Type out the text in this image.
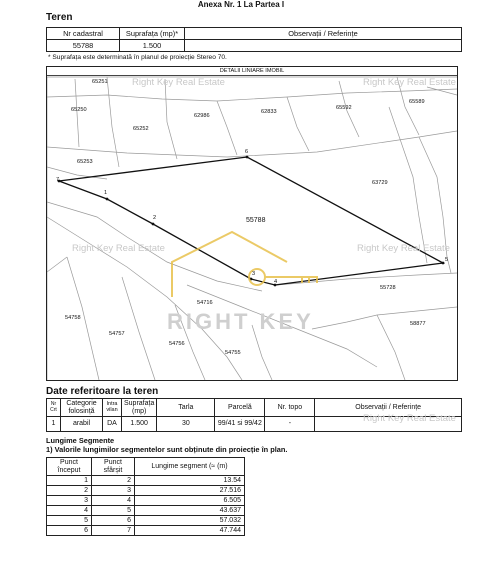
Anexa Nr. 1 La Partea I
Teren
Nr cadastral	Suprafața (mp)*	Observații / Referințe
55788	1.500	
* Suprafața este determinată în planul de proiecție Stereo 70.
DETALII LINIARE IMOBIL
65251
65250
65252
62986
62833
65592
65589
65253
63729
54716
55728
54758
54757
54756
54755
58877
55788
1
2
3
4
5
6
7
Right Key Real Estate	Right Key Real Estate
Right Key Real Estate	Right Key Real Estate
RIGHT KEY
Date referitoare la teren
Nr Crt	Categorie folosință	Intra vilan	Suprafața (mp)	Tarla	Parcelă	Nr. topo	Observații / Referințe
1	arabil	DA	1.500	30	99/41 si 99/42	-	
Lungime Segmente
1) Valorile lungimilor segmentelor sunt obținute din proiecție în plan.
Punct început	Punct sfârșit	Lungime segment (≈ (m)
1	2	13.54
2	3	27.516
3	4	6.505
4	5	43.637
5	6	57.032
6	7	47.744
Right Key Real Estate
